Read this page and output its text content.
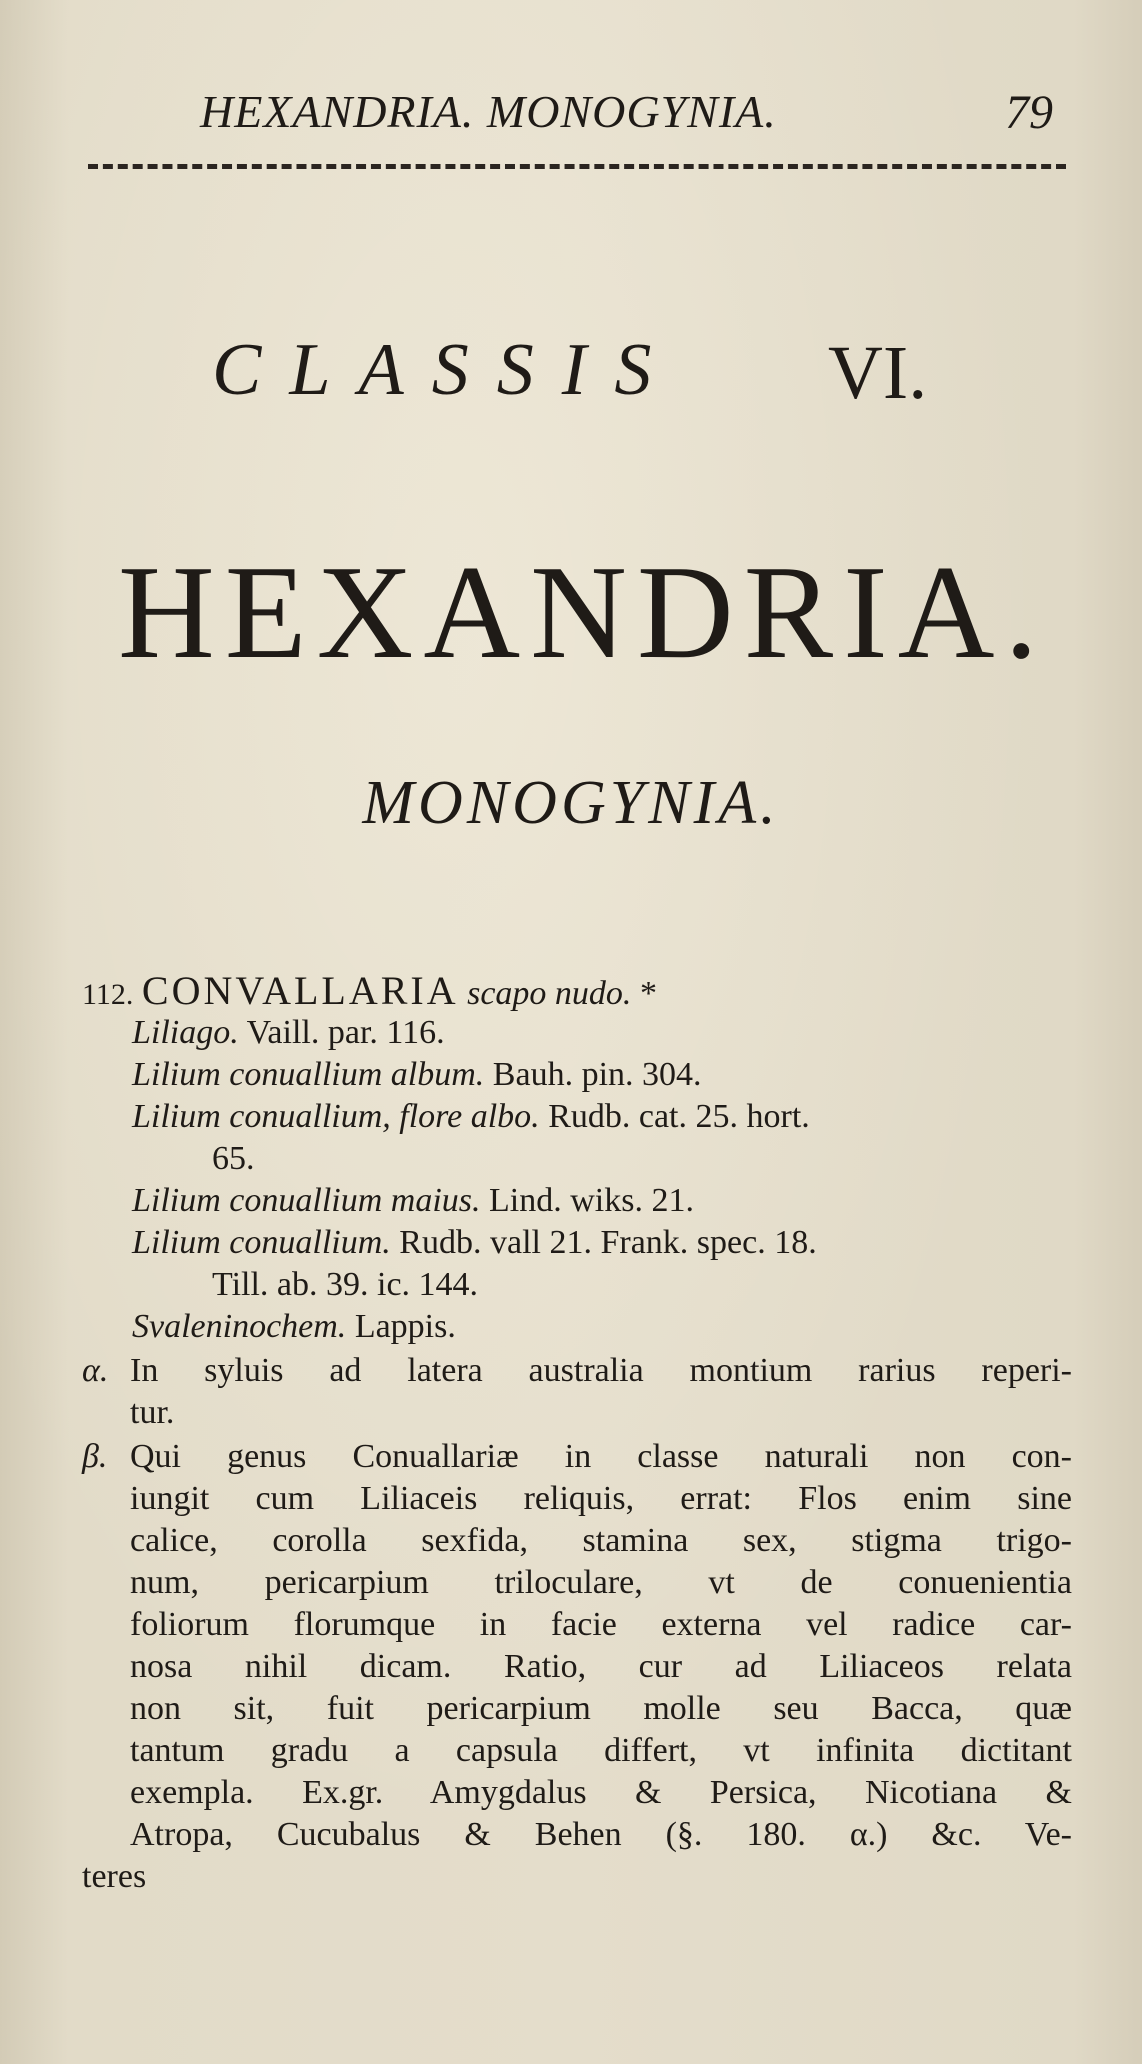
HEXANDRIA. MONOGYNIA.	79
CLASSIS	VI.
HEXANDRIA.
MONOGYNIA.
112. CONVALLARIA scapo nudo. *
Liliago. Vaill. par. 116.
Lilium conuallium album. Bauh. pin. 304.
Lilium conuallium, flore albo. Rudb. cat. 25. hort.
65.
Lilium conuallium maius. Lind. wiks. 21.
Lilium conuallium. Rudb. vall 21. Frank. spec. 18.
Till. ab. 39. ic. 144.
Svaleninochem. Lappis.
α. In syluis ad latera australia montium rarius reperi-
tur.
β. Qui genus Conuallariæ in classe naturali non con-
iungit cum Liliaceis reliquis, errat: Flos enim sine
calice, corolla sexfida, stamina sex, stigma trigo-
num, pericarpium triloculare, vt de conuenientia
foliorum florumque in facie externa vel radice car-
nosa nihil dicam. Ratio, cur ad Liliaceos relata
non sit, fuit pericarpium molle seu Bacca, quæ
tantum gradu a capsula differt, vt infinita dictitant
exempla. Ex.gr. Amygdalus & Persica, Nicotiana &
Atropa, Cucubalus & Behen (§. 180. α.) &c. Ve-
teres
